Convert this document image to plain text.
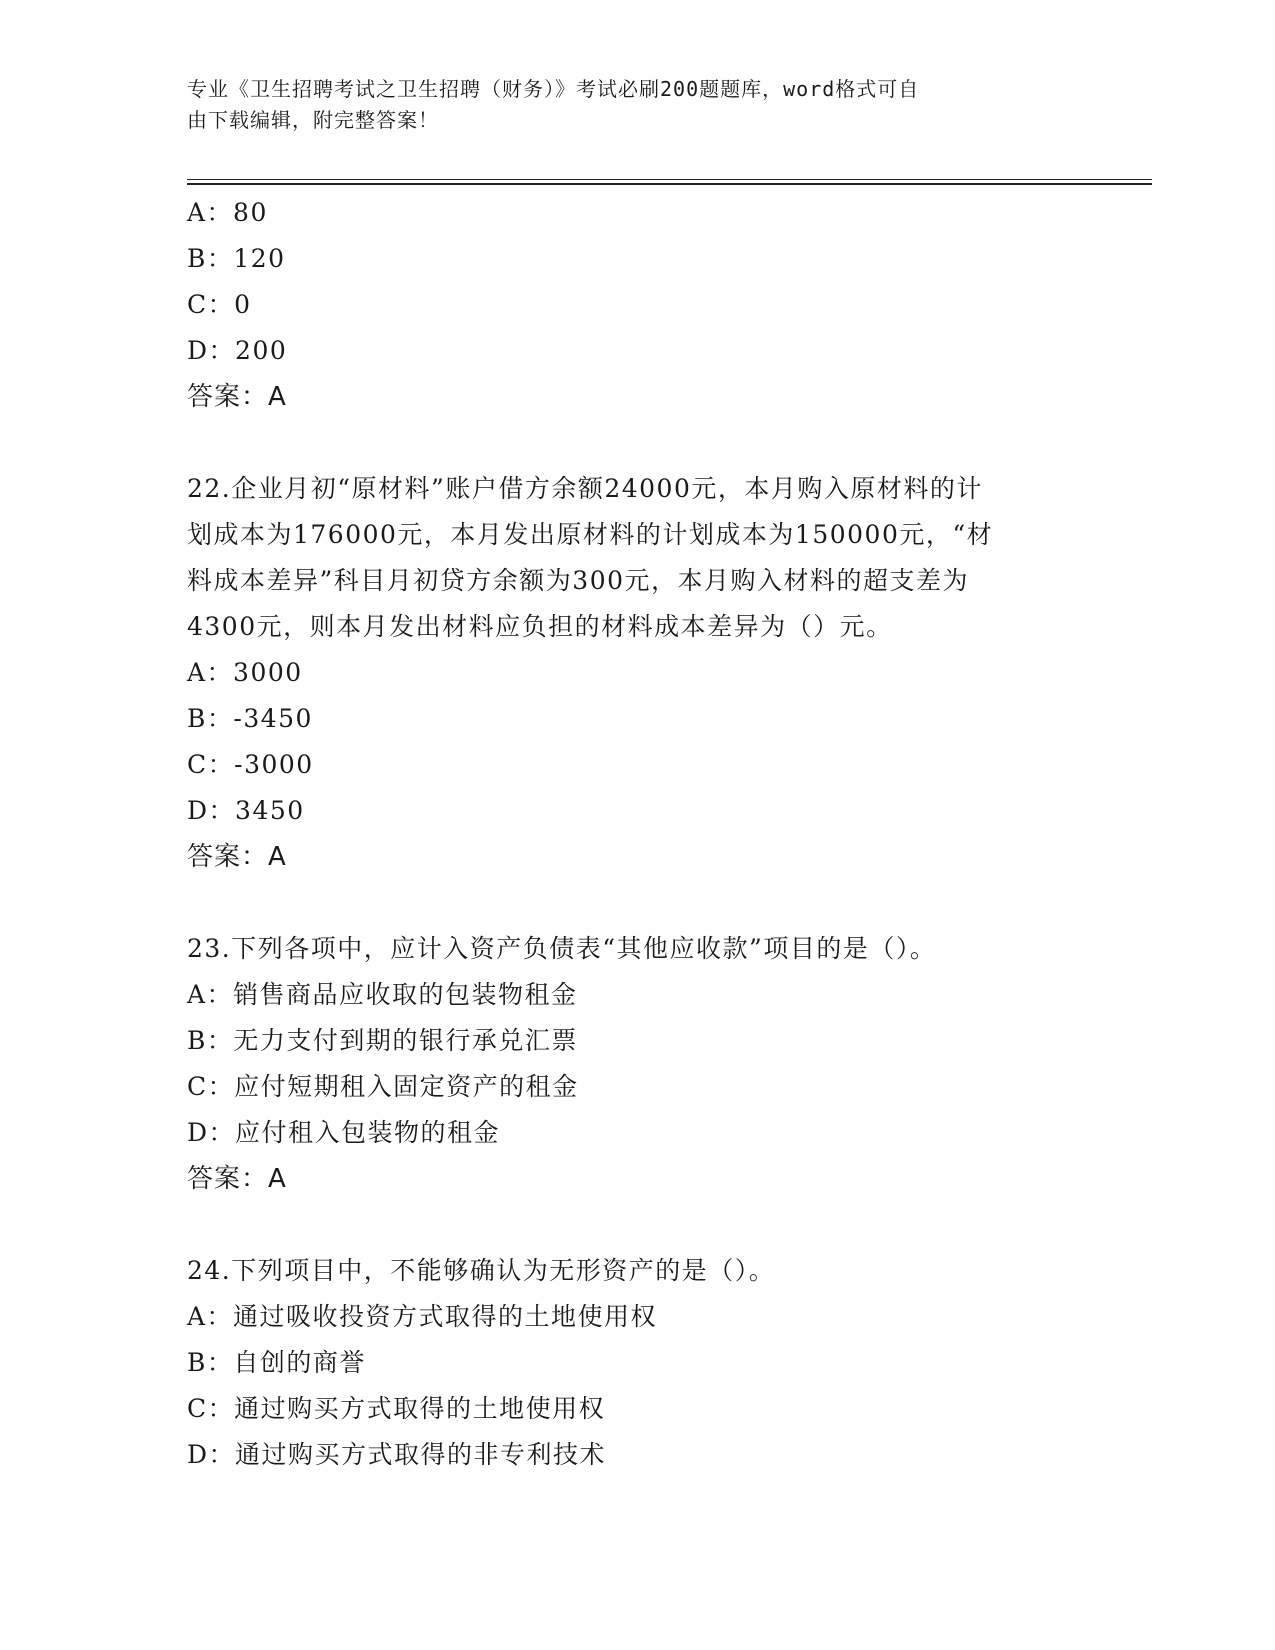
专业《卫生招聘考试之卫生招聘（财务）》考试必刷200题题库，word格式可自
由下载编辑，附完整答案！
A：80
B：120
C：0
D：200
答案：A
22.企业月初“原材料”账户借方余额24000元，本月购入原材料的计
划成本为176000元，本月发出原材料的计划成本为150000元，“材
料成本差异”科目月初贷方余额为300元，本月购入材料的超支差为
4300元，则本月发出材料应负担的材料成本差异为（）元。
A：3000
B：-3450
C：-3000
D：3450
答案：A
23.下列各项中，应计入资产负债表“其他应收款”项目的是（）。
A：销售商品应收取的包装物租金
B：无力支付到期的银行承兑汇票
C：应付短期租入固定资产的租金
D：应付租入包装物的租金
答案：A
24.下列项目中，不能够确认为无形资产的是（）。
A：通过吸收投资方式取得的土地使用权
B：自创的商誉
C：通过购买方式取得的土地使用权
D：通过购买方式取得的非专利技术
